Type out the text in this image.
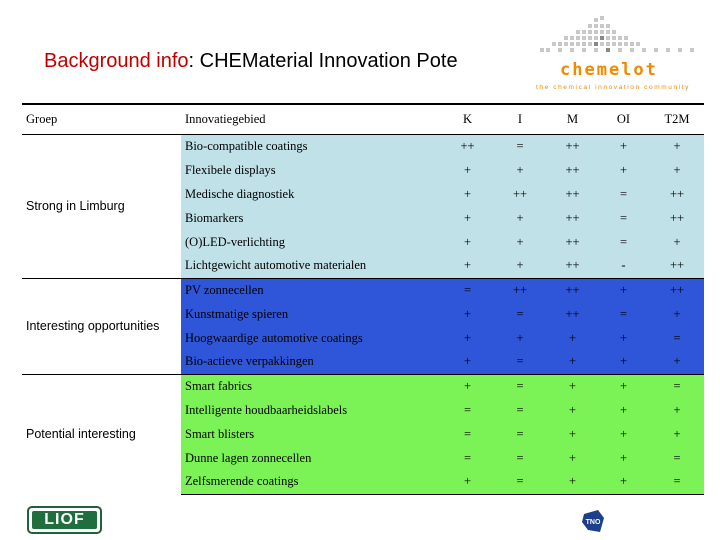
Background info: CHEMaterial Innovation Pote	chemelot
the chemical innovation community
Groep	Innovatiegebied	K	I	M	OI	T2M
Strong in Limburg	Bio-compatible coatings	++	=	++	+	+
	Flexibele displays	+	+	++	+	+
	Medische diagnostiek	+	++	++	=	++
	Biomarkers	+	+	++	=	++
	(O)LED-verlichting	+	+	++	=	+
	Lichtgewicht automotive materialen	+	+	++	-	++
Interesting opportunities	PV zonnecellen	=	++	++	+	++
	Kunstmatige spieren	+	=	++	=	+
	Hoogwaardige automotive coatings	+	+	+	+	=
	Bio-actieve verpakkingen	+	=	+	+	+
Potential interesting	Smart fabrics	+	=	+	+	=
	Intelligente houdbaarheidslabels	=	=	+	+	+
	Smart blisters	=	=	+	+	+
	Dunne lagen zonnecellen	=	=	+	+	=
	Zelfsmerende coatings	+	=	+	+	=
LIOF	TNO
